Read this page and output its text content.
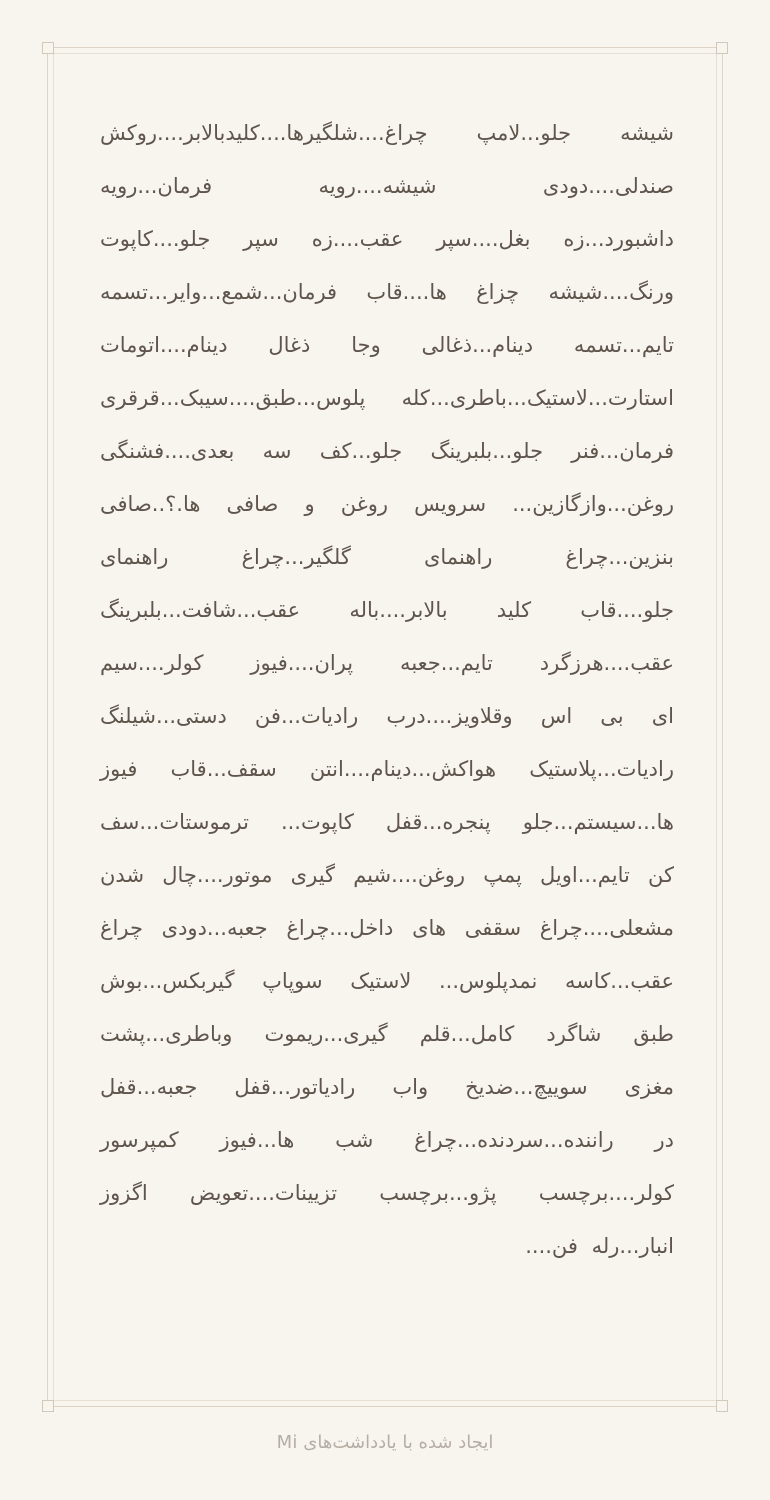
شیشه جلو...لامپ چراغ....شلگیرها....کلیدبالابر....روکش
صندلی....دودی شیشه....رویه فرمان...رویه
داشبورد...زه بغل....سپر عقب....زه سپر جلو....کاپوت
ورنگ....شیشه چزاغ ها....قاب فرمان...شمع...وایر...تسمه
تایم...تسمه دینام...ذغالی وجا ذغال دینام....اتومات
استارت...لاستیک...باطری...کله پلوس...طبق....سیبک...قرقری
فرمان...فنر جلو...بلبرینگ جلو...کف سه بعدی....فشنگی
روغن...وازگازین... سرویس روغن و صافی ها.؟..صافی
بنزین...چراغ راهنمای گلگیر...چراغ راهنمای
جلو....قاب کلید بالابر....باله عقب...شافت...بلبرینگ
عقب....هرزگرد تایم...جعبه پران....فیوز کولر....سیم
ای بی اس وقلاویز....درب رادیات...فن دستی...شیلنگ
رادیات...پلاستیک هواکش...دینام....انتن سقف...قاب فیوز
ها...سیستم...جلو پنجره...قفل کاپوت... ترموستات...سف
کن تایم...اویل پمپ روغن....شیم گیری موتور....چال شدن
مشعلی....چراغ سقفی های داخل...چراغ جعبه...دودی چراغ
عقب...کاسه نمدپلوس... لاستیک سوپاپ گیربکس...بوش
طبق شاگرد کامل...قلم گیری...ریموت وباطری...پشت
مغزی سوییچ...ضدیخ واب رادیاتور...قفل جعبه...قفل
در راننده...سردنده...چراغ شب ها...فیوز کمپرسور
کولر....برچسب پژو...برچسب تزیینات....تعویض اگزوز
انبار...رله فن....
ایجاد شده با یادداشت‌های Mi
